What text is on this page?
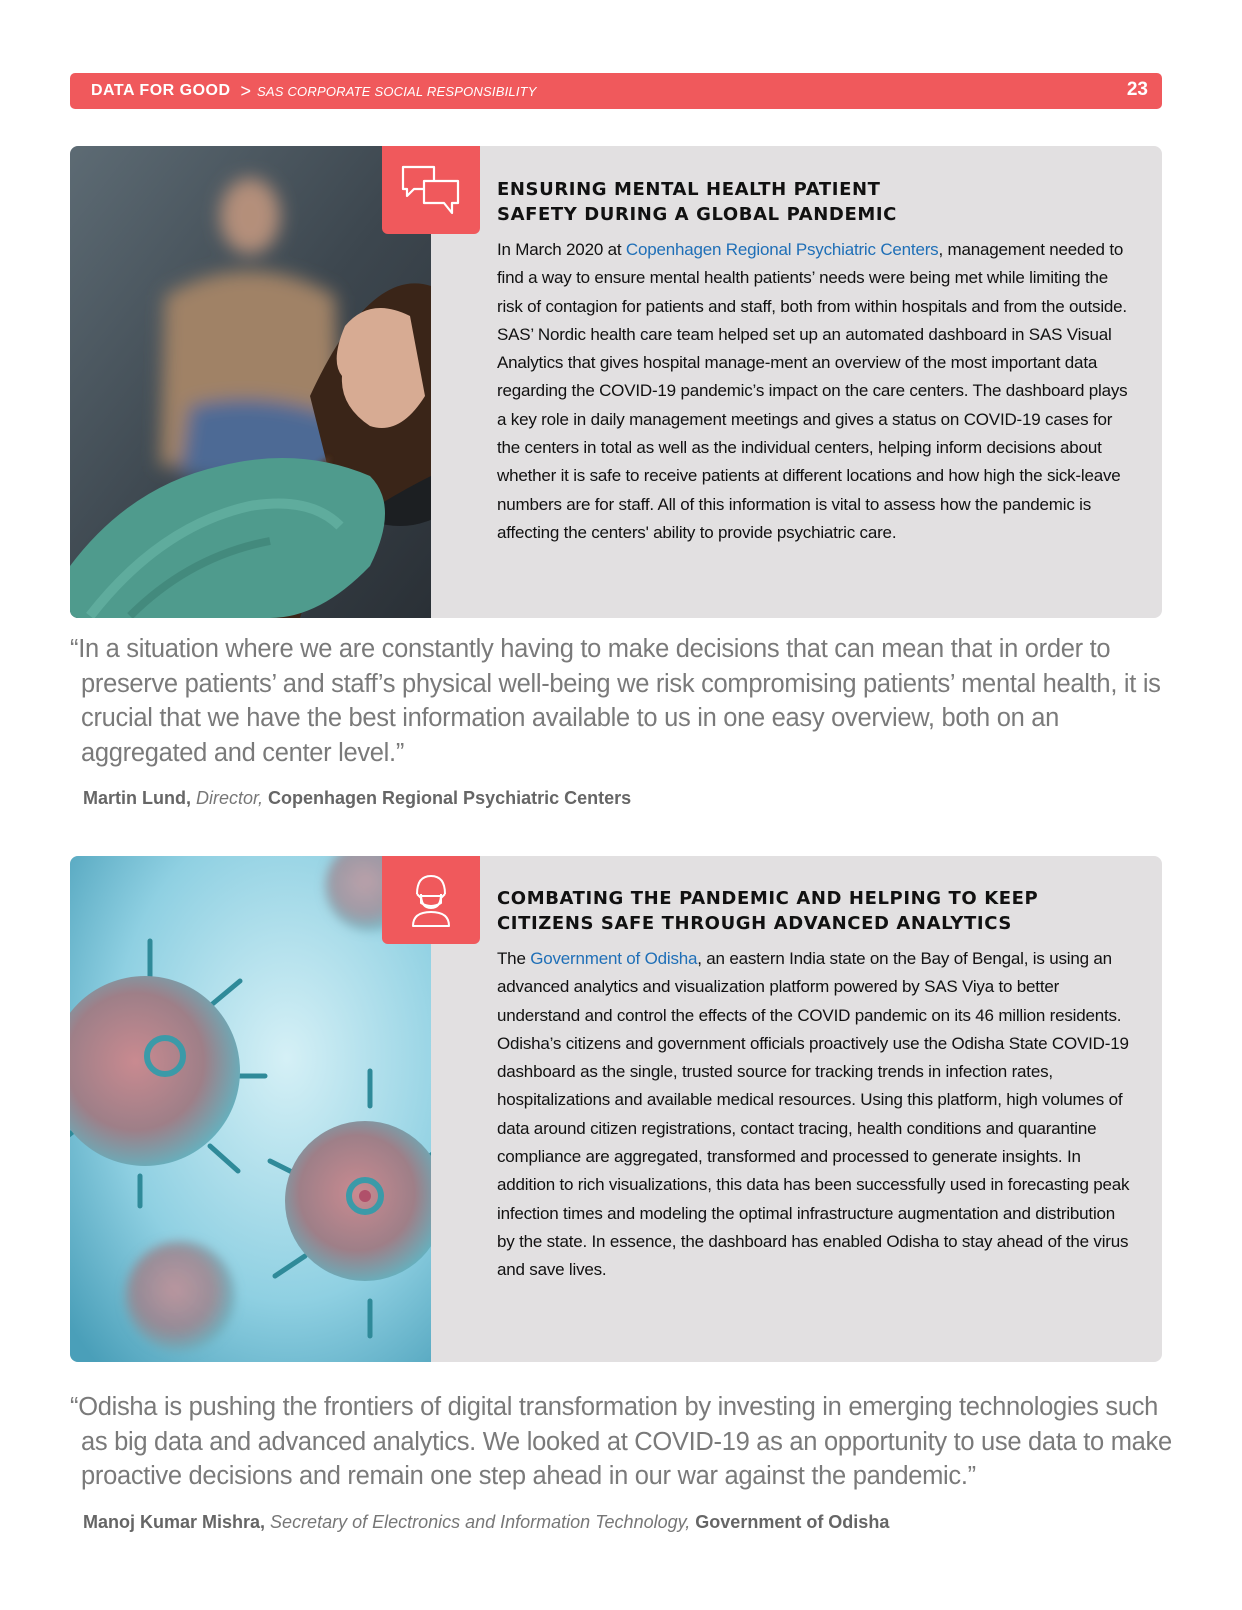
DATA FOR GOOD > SAS CORPORATE SOCIAL RESPONSIBILITY	23
ENSURING MENTAL HEALTH PATIENT
SAFETY DURING A GLOBAL PANDEMIC

In March 2020 at Copenhagen Regional Psychiatric Centers, management needed to find a way to ensure mental health patients’ needs were being met while limiting the risk of contagion for patients and staff, both from within hospitals and from the outside. SAS’ Nordic health care team helped set up an automated dashboard in SAS Visual Analytics that gives hospital manage-ment an overview of the most important data regarding the COVID-19 pandemic’s impact on the care centers. The dashboard plays a key role in daily management meetings and gives a status on COVID-19 cases for the centers in total as well as the individual centers, helping inform decisions about whether it is safe to receive patients at different locations and how high the sick-leave numbers are for staff. All of this information is vital to assess how the pandemic is affecting the centers' ability to provide psychiatric care.

“In a situation where we are constantly having to make decisions that can mean that in order to preserve patients’ and staff’s physical well-being we risk compromising patients’ mental health, it is crucial that we have the best information available to us in one easy overview, both on an aggregated and center level.”

Martin Lund, Director, Copenhagen Regional Psychiatric Centers
COMBATING THE PANDEMIC AND HELPING TO KEEP
CITIZENS SAFE THROUGH ADVANCED ANALYTICS

The Government of Odisha, an eastern India state on the Bay of Bengal, is using an advanced analytics and visualization platform powered by SAS Viya to better understand and control the effects of the COVID pandemic on its 46 million residents. Odisha’s citizens and government officials proactively use the Odisha State COVID-19 dashboard as the single, trusted source for tracking trends in infection rates, hospitalizations and available medical resources. Using this platform, high volumes of data around citizen registrations, contact tracing, health conditions and quarantine compliance are aggregated, transformed and processed to generate insights. In addition to rich visualizations, this data has been successfully used in forecasting peak infection times and modeling the optimal infrastructure augmentation and distribution by the state. In essence, the dashboard has enabled Odisha to stay ahead of the virus and save lives.

“Odisha is pushing the frontiers of digital transformation by investing in emerging technologies such as big data and advanced analytics. We looked at COVID-19 as an opportunity to use data to make proactive decisions and remain one step ahead in our war against the pandemic.”

Manoj Kumar Mishra, Secretary of Electronics and Information Technology, Government of Odisha
